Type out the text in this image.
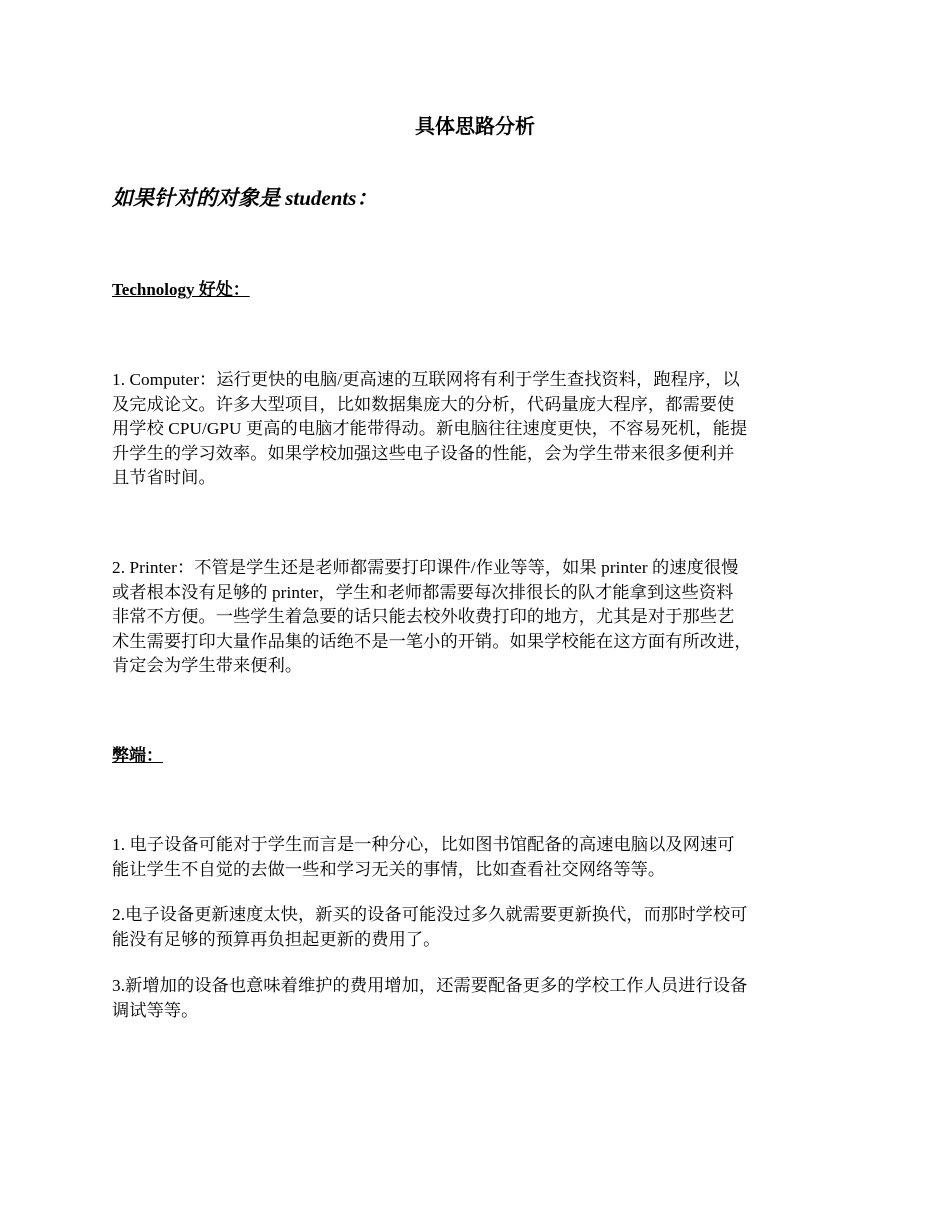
具体思路分析
如果针对的对象是 students：
Technology 好处：
1. Computer：运行更快的电脑/更高速的互联网将有利于学生查找资料，跑程序，以
及完成论文。许多大型项目，比如数据集庞大的分析，代码量庞大程序，都需要使
用学校 CPU/GPU 更高的电脑才能带得动。新电脑往往速度更快，不容易死机，能提
升学生的学习效率。如果学校加强这些电子设备的性能，会为学生带来很多便利并
且节省时间。
2. Printer：不管是学生还是老师都需要打印课件/作业等等，如果 printer 的速度很慢
或者根本没有足够的 printer，学生和老师都需要每次排很长的队才能拿到这些资料
非常不方便。一些学生着急要的话只能去校外收费打印的地方，尤其是对于那些艺
术生需要打印大量作品集的话绝不是一笔小的开销。如果学校能在这方面有所改进，
肯定会为学生带来便利。
弊端：
1. 电子设备可能对于学生而言是一种分心，比如图书馆配备的高速电脑以及网速可
能让学生不自觉的去做一些和学习无关的事情，比如查看社交网络等等。
2.电子设备更新速度太快，新买的设备可能没过多久就需要更新换代，而那时学校可
能没有足够的预算再负担起更新的费用了。
3.新增加的设备也意味着维护的费用增加，还需要配备更多的学校工作人员进行设备
调试等等。
